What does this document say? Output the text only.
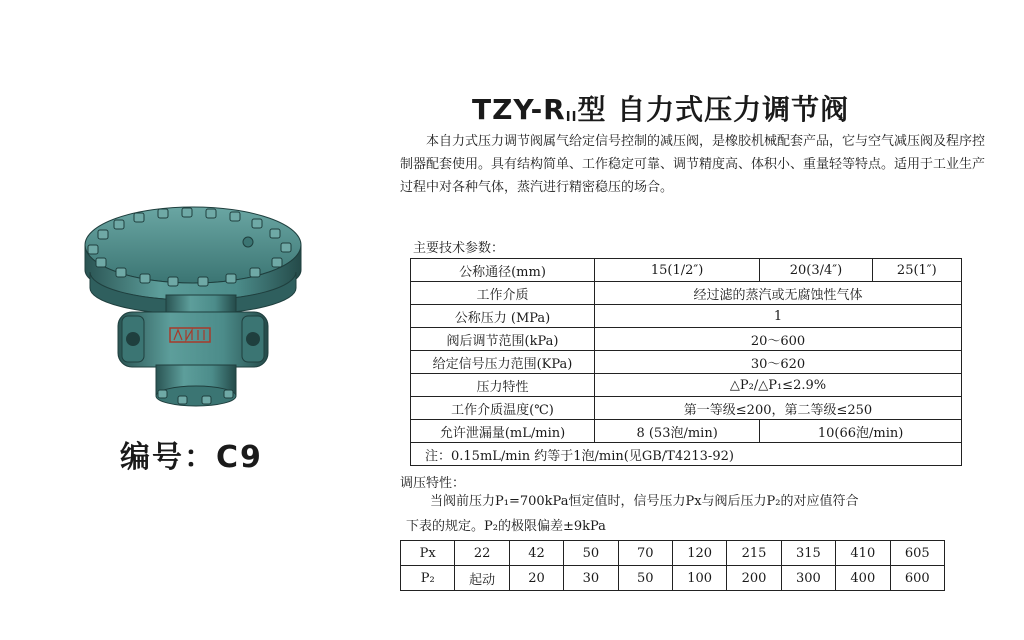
编号：C9
TZY-$R_{II}$型 自力式压力调节阀
本自力式压力调节阀属气给定信号控制的减压阀，是橡胶机械配套产品，它与空气减压阀及程序控制器配套使用。具有结构简单、工作稳定可靠、调节精度高、体积小、重量轻等特点。适用于工业生产过程中对各种气体，蒸汽进行精密稳压的场合。
主要技术参数：
公称通径(mm)	15(1/2″)	20(3/4″)	25(1″)
工作介质	经过滤的蒸汽或无腐蚀性气体		
公称压力 (MPa)	1		
阀后调节范围(kPa)	20～600		
给定信号压力范围(KPa)	30～620		
压力特性	△P₂/△P₁≤2.9%		
工作介质温度(℃)	第一等级≤200，第二等级≤250		
允许泄漏量(mL/min)	8 (53泡/min)	10(66泡/min)	
注：0.15mL/min 约等于1泡/min(见GB/T4213-92)			
调压特性：
当阀前压力P₁=700kPa恒定值时，信号压力Px与阀后压力P₂的对应值符合
下表的规定。P₂的极限偏差±9kPa
Px	22	42	50	70	120	215	315	410	605
P₂	起动	20	30	50	100	200	300	400	600
